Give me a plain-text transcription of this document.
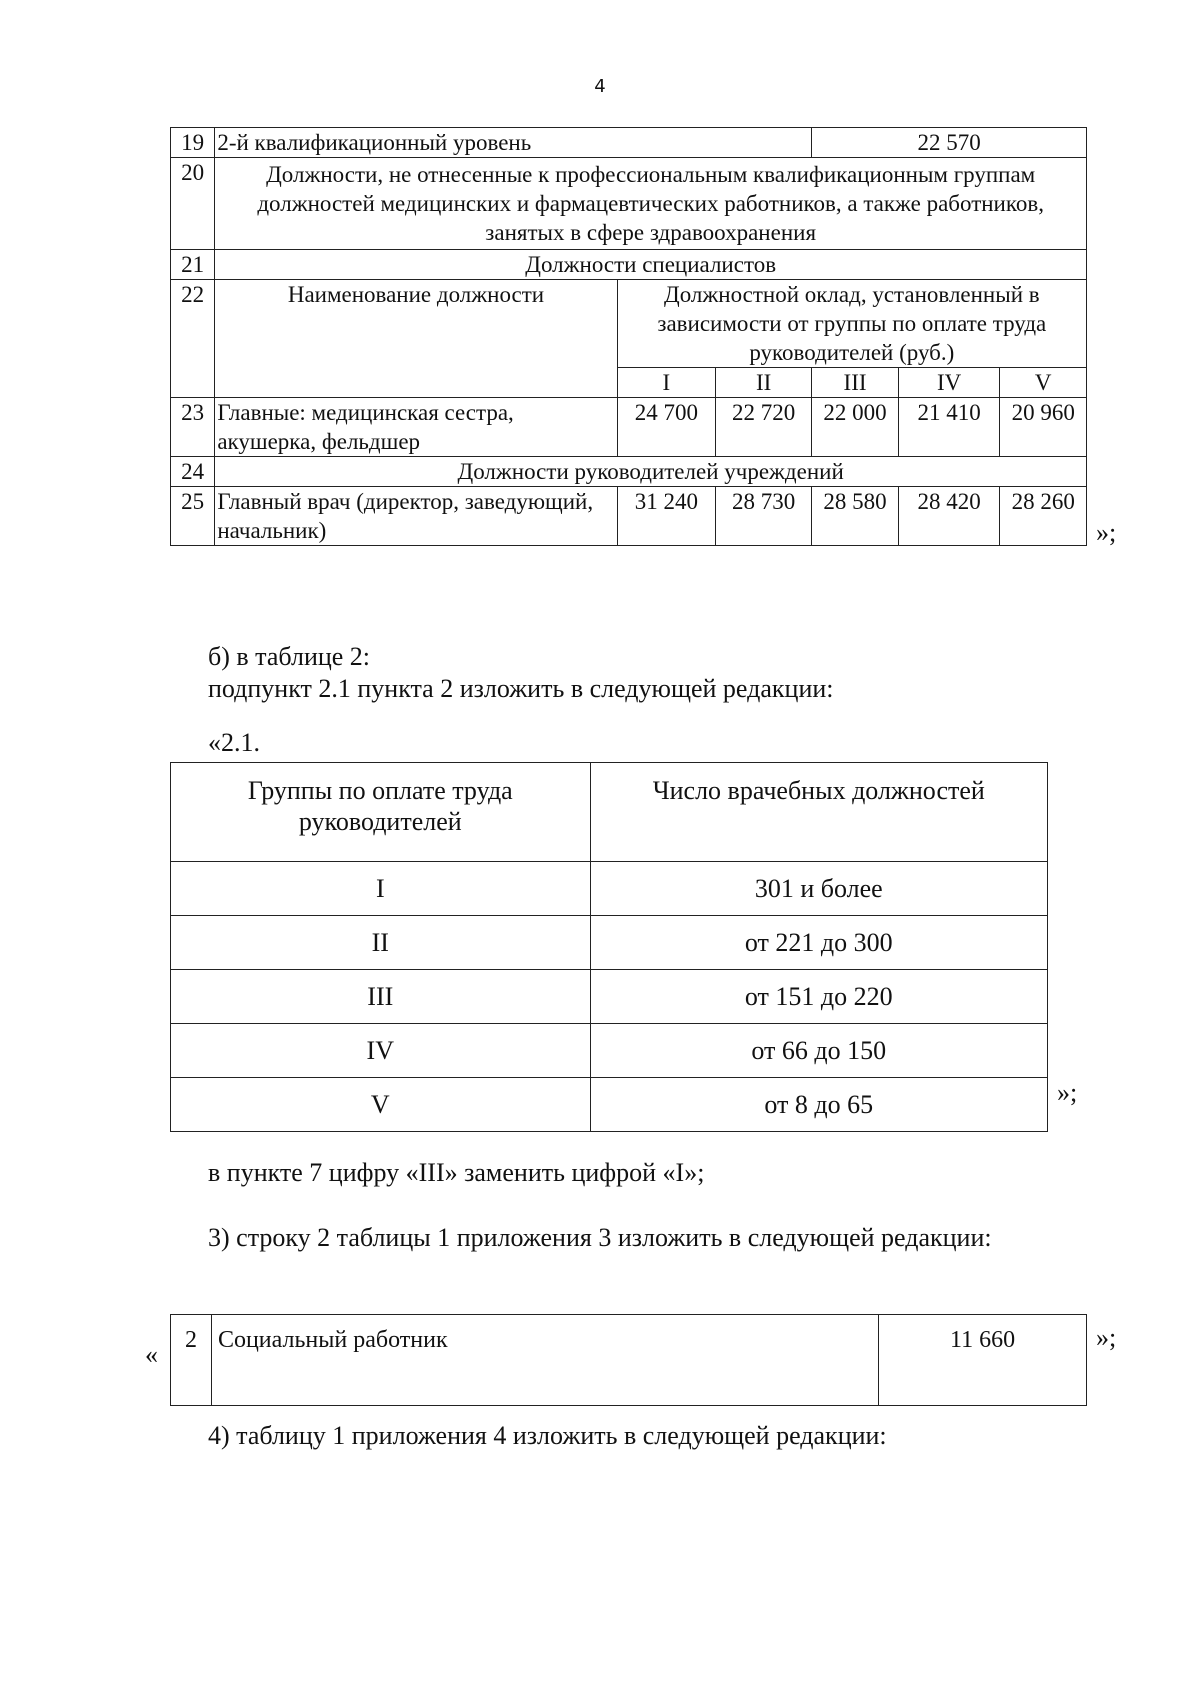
4
19	2-й квалификационный уровень			22 570		
20	Должности, не отнесенные к профессиональным квалификационным группам должностей медицинских и фармацевтических работников, а также работников, занятых в сфере здравоохранения					
21	Должности специалистов					
22	Наименование должности	Должностной оклад, установленный в зависимости от группы по оплате труда руководителей (руб.)				
		I	II	III	IV	V
23	Главные: медицинская сестра, акушерка, фельдшер	24 700	22 720	22 000	21 410	20 960
24	Должности руководителей учреждений					
25	Главный врач (директор, заведующий, начальник)	31 240	28 730	28 580	28 420	28 260
»;
б) в таблице 2:
подпункт 2.1 пункта 2 изложить в следующей редакции:
«2.1.
Группы по оплате труда руководителей	Число врачебных должностей
I	301 и более
II	от 221 до 300
III	от 151 до 220
IV	от 66 до 150
V	от 8 до 65	»;
в пункте 7 цифру «III» заменить цифрой «I»;
3) строку 2 таблицы 1 приложения 3 изложить в следующей редакции:
« 2	Социальный работник	11 660	»;
4) таблицу 1 приложения 4 изложить в следующей редакции:
